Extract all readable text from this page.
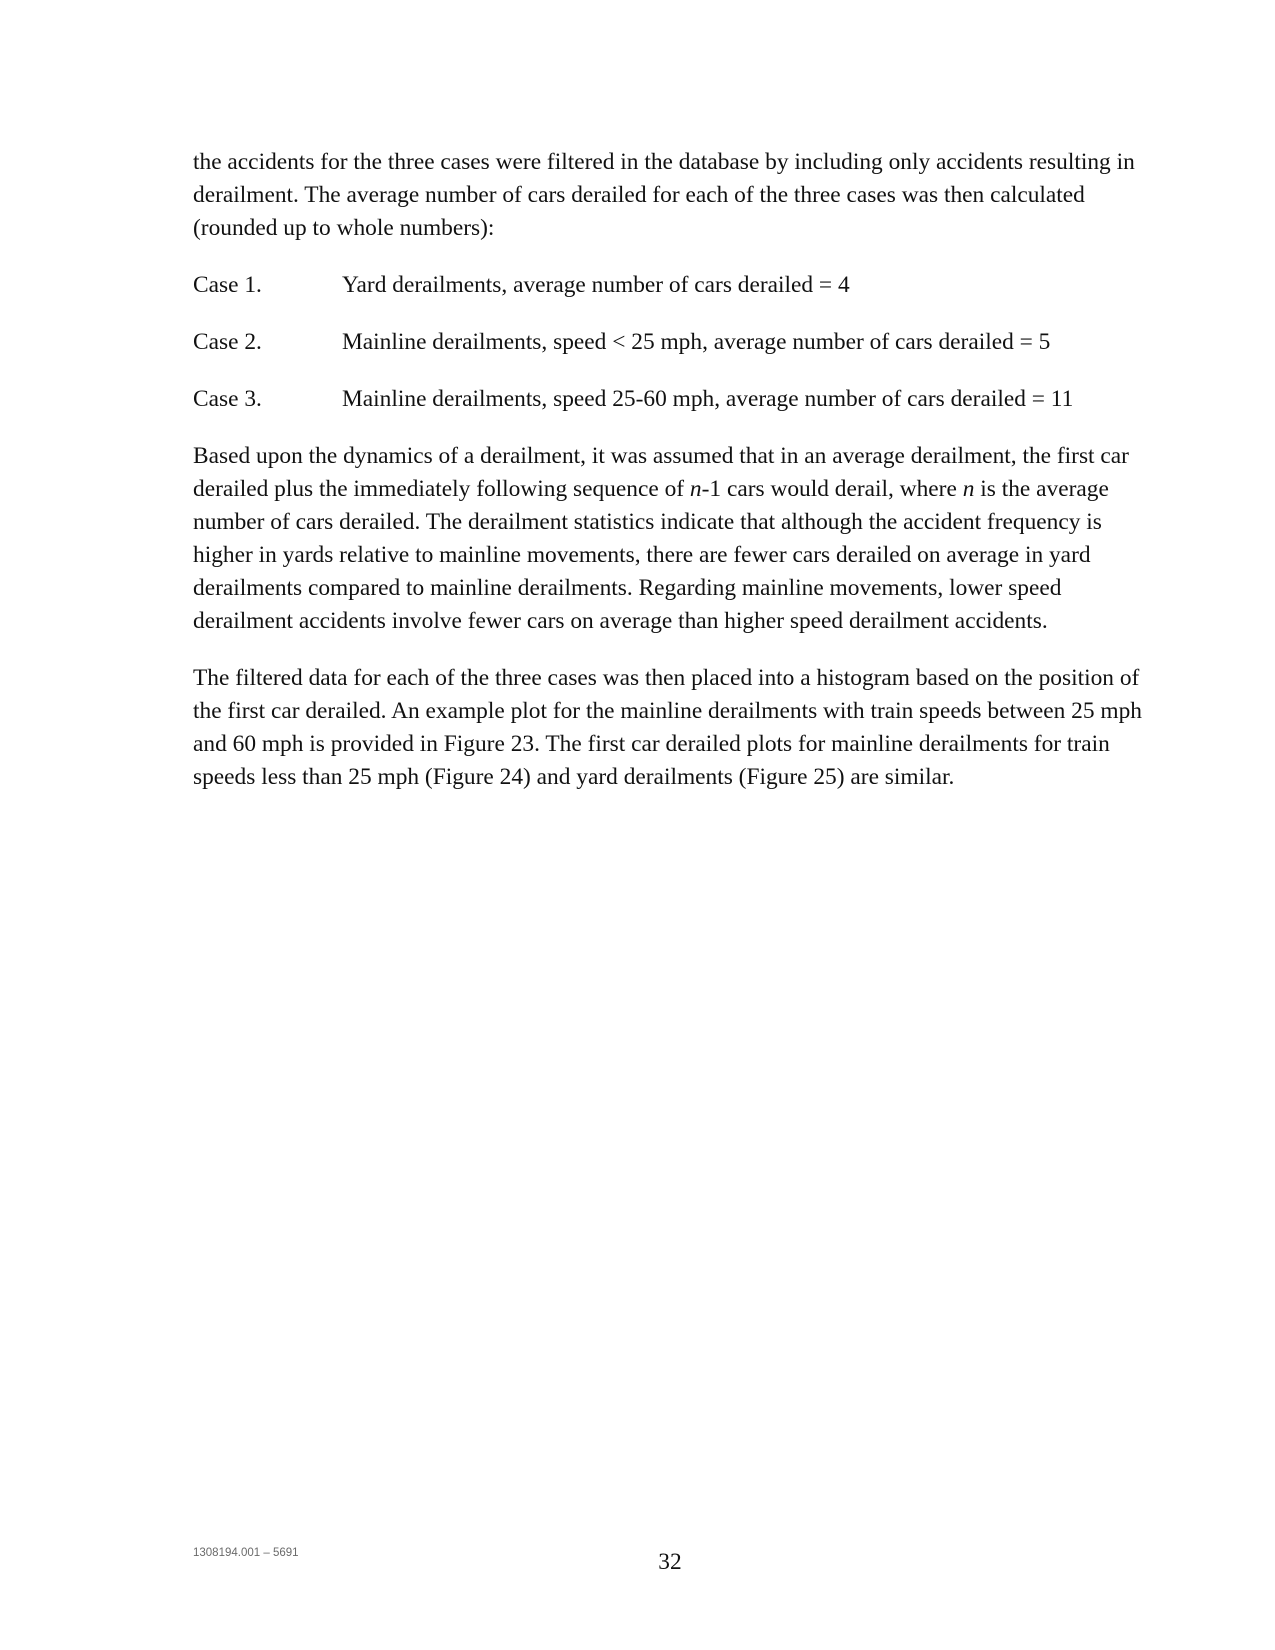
the accidents for the three cases were filtered in the database by including only accidents resulting in derailment. The average number of cars derailed for each of the three cases was then calculated (rounded up to whole numbers):

Case 1.	Yard derailments, average number of cars derailed = 4
Case 2.	Mainline derailments, speed < 25 mph, average number of cars derailed = 5
Case 3.	Mainline derailments, speed 25-60 mph, average number of cars derailed = 11

Based upon the dynamics of a derailment, it was assumed that in an average derailment, the first car derailed plus the immediately following sequence of n-1 cars would derail, where n is the average number of cars derailed. The derailment statistics indicate that although the accident frequency is higher in yards relative to mainline movements, there are fewer cars derailed on average in yard derailments compared to mainline derailments. Regarding mainline movements, lower speed derailment accidents involve fewer cars on average than higher speed derailment accidents.

The filtered data for each of the three cases was then placed into a histogram based on the position of the first car derailed. An example plot for the mainline derailments with train speeds between 25 mph and 60 mph is provided in Figure 23. The first car derailed plots for mainline derailments for train speeds less than 25 mph (Figure 24) and yard derailments (Figure 25) are similar.

1308194.001 – 5691	32
